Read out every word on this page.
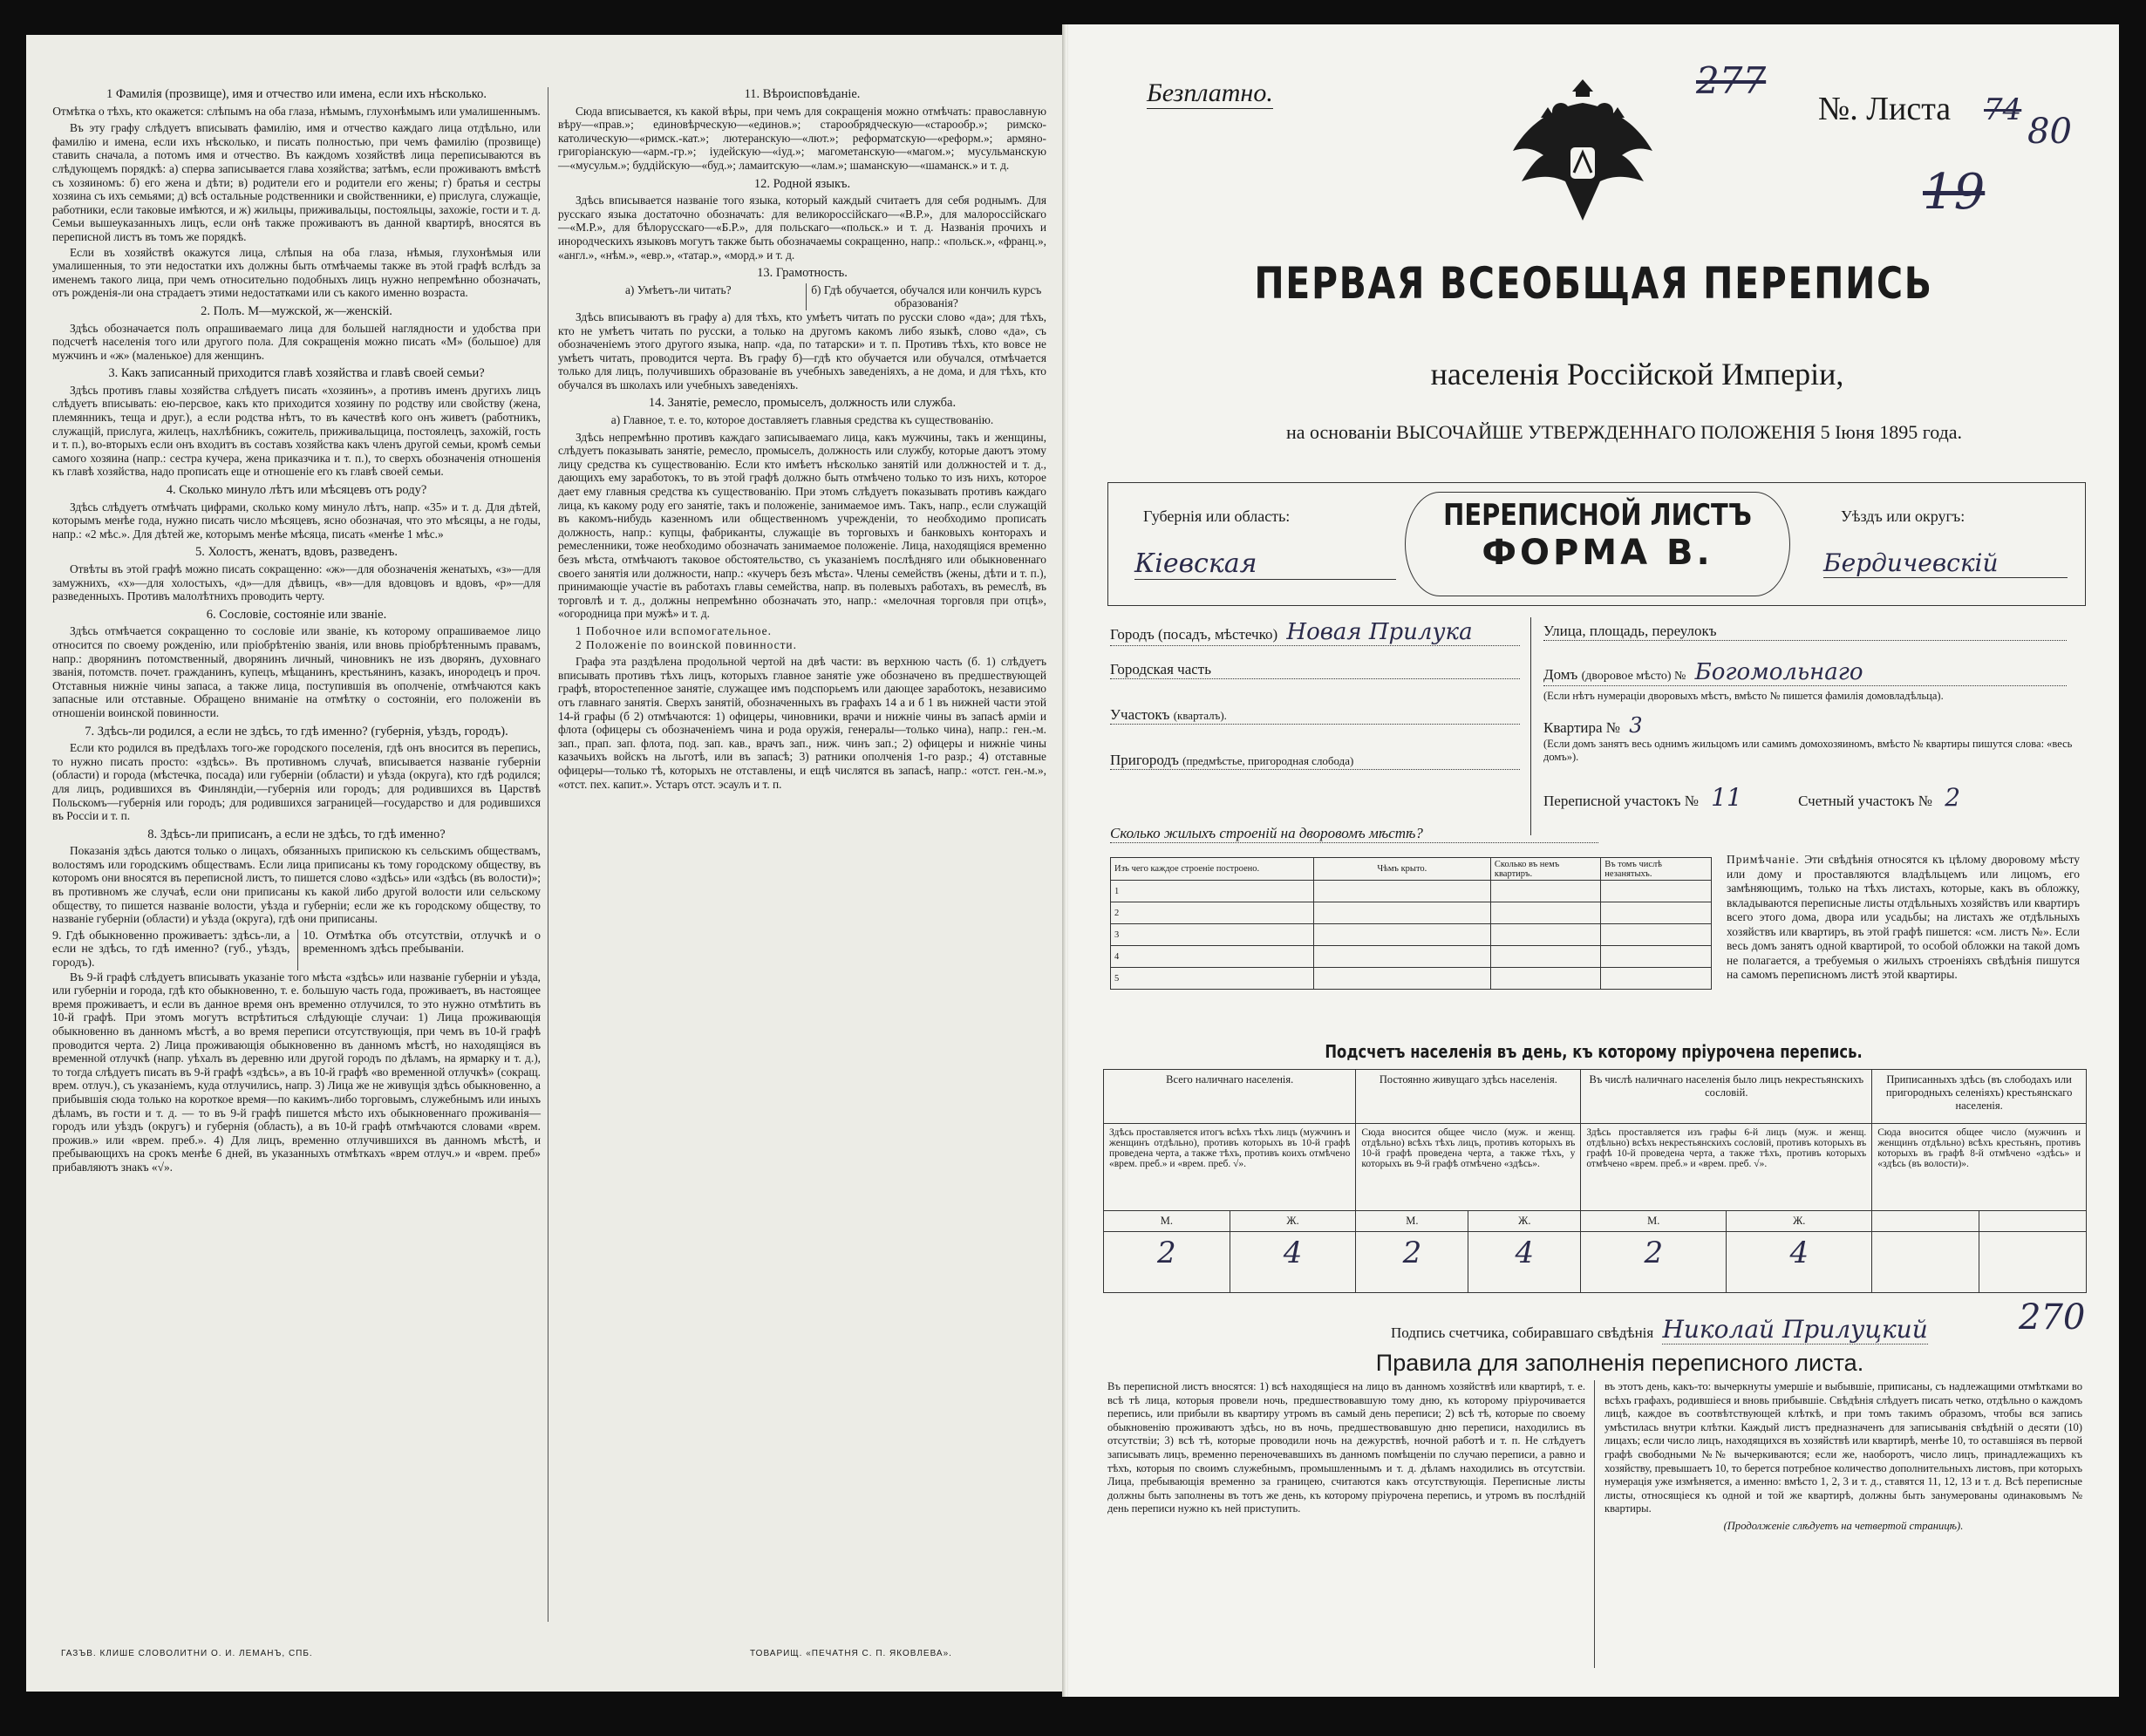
1 Фамилія (прозвище), имя и отчество или имена, если ихъ нѣсколько.
Отмѣтка о тѣхъ, кто окажется: слѣпымъ на оба глаза, нѣмымъ, глухонѣмымъ или умалишеннымъ.

Въ эту графу слѣдуетъ вписывать фамилію, имя и отчество каждаго лица отдѣльно, или фамилію и имена, если ихъ нѣсколько, и писать полностью, при чемъ фамилію (прозвище) ставить сначала, а потомъ имя и отчество. Въ каждомъ хозяйствѣ лица переписываются въ слѣдующемъ порядкѣ: а) сперва записывается глава хозяйства; затѣмъ, если проживаютъ вмѣстѣ съ хозяиномъ: б) его жена и дѣти; в) родители его и родители его жены; г) братья и сестры хозяина съ ихъ семьями; д) всѣ остальные родственники и свойственники, е) прислуга, служащіе, работники, если таковые имѣются, и ж) жильцы, приживальцы, постояльцы, захожіе, гости и т. д. Семьи вышеуказанныхъ лицъ, если онѣ также проживаютъ въ данной квартирѣ, вносятся въ переписной листъ въ томъ же порядкѣ.

Если въ хозяйствѣ окажутся лица, слѣпыя на оба глаза, нѣмыя, глухонѣмыя или умалишенныя, то эти недостатки ихъ должны быть отмѣчаемы также въ этой графѣ вслѣдъ за именемъ такого лица, при чемъ относительно подобныхъ лицъ нужно непремѣнно обозначать, отъ рожденія-ли она страдаетъ этими недостатками или съ какого именно возраста.

2. Полъ. М—мужской, ж—женскій.

Здѣсь обозначается полъ опрашиваемаго лица для большей наглядности и удобства при подсчетѣ населенія того или другого пола. Для сокращенія можно писать «М» (большое) для мужчинъ и «ж» (маленькое) для женщинъ.

3. Какъ записанный приходится главѣ хозяйства и главѣ своей семьи?

Здѣсь противъ главы хозяйства слѣдуетъ писать «хозяинъ», а противъ именъ другихъ лицъ слѣдуетъ вписывать: ею-персвое, какъ кто приходится хозяину по родству или свойству (жена, племянникъ, теща и друг.), а если родства нѣтъ, то въ качествѣ кого онъ живетъ (работникъ, служащій, прислуга, жилецъ, нахлѣбникъ, сожитель, приживальщица, постоялецъ, захожій, гость и т. п.), во-вторыхъ если онъ входитъ въ составъ хозяйства какъ членъ другой семьи, кромѣ семьи самого хозяина (напр.: сестра кучера, жена приказчика и т. п.), то сверхъ обозначенія отношенія къ главѣ хозяйства, надо прописать еще и отношеніе его къ главѣ своей семьи.

4. Сколько минуло лѣтъ или мѣсяцевъ отъ роду?

Здѣсь слѣдуетъ отмѣчать цифрами, сколько кому минуло лѣтъ, напр. «35» и т. д. Для дѣтей, которымъ менѣе года, нужно писать число мѣсяцевъ, ясно обозначая, что это мѣсяцы, а не годы, напр.: «2 мѣс.». Для дѣтей же, которымъ менѣе мѣсяца, писать «менѣе 1 мѣс.»

5. Холостъ, женатъ, вдовъ, разведенъ.

Отвѣты въ этой графѣ можно писать сокращенно: «ж»—для обозначенія женатыхъ, «з»—для замужнихъ, «х»—для холостыхъ, «д»—для дѣвицъ, «в»—для вдовцовъ и вдовъ, «р»—для разведенныхъ. Противъ малолѣтнихъ проводить черту.

6. Сословіе, состояніе или званіе.

Здѣсь отмѣчается сокращенно то сословіе или званіе, къ которому опрашиваемое лицо относится по своему рожденію, или пріобрѣтенію званія, или вновь пріобрѣтеннымъ правамъ, напр.: дворянинъ потомственный, дворянинъ личный, чиновникъ не изъ дворянъ, духовнаго званія, потомств. почет. гражданинъ, купецъ, мѣщанинъ, крестьянинъ, казакъ, инородецъ и проч. Отставныя нижніе чины запаса, а также лица, поступившія въ ополченіе, отмѣчаются какъ запасные или отставные. Обращено вниманіе на отмѣтку о состояніи, его положеніи въ отношеніи воинской повинности.

7. Здѣсь-ли родился, а если не здѣсь, то гдѣ именно? (губернія, уѣздъ, городъ).

Если кто родился въ предѣлахъ того-же городского поселенія, гдѣ онъ вносится въ перепись, то нужно писать просто: «здѣсь». Въ противномъ случаѣ, вписывается названіе губерніи (области) и города (мѣстечка, посада) или губерніи (области) и уѣзда (округа), кто гдѣ родился; для лицъ, родившихся въ Финляндіи,—губернія или городъ; для родившихся въ Царствѣ Польскомъ—губернія или городъ; для родившихся заграницей—государство и для родившихся въ Россіи и т. п.

8. Здѣсь-ли приписанъ, а если не здѣсь, то гдѣ именно?

Показанія здѣсь даются только о лицахъ, обязанныхъ припискою къ сельскимъ обществамъ, волостямъ или городскимъ обществамъ. Если лица приписаны къ тому городскому обществу, въ которомъ они вносятся въ переписной листъ, то пишется слово «здѣсь» или «здѣсь (въ волости)»; въ противномъ же случаѣ, если они приписаны къ какой либо другой волости или сельскому обществу, то пишется названіе волости, уѣзда и губерніи; если же къ городскому обществу, то названіе губерніи (области) и уѣзда (округа), гдѣ они приписаны.

9. Гдѣ обыкновенно проживаетъ: здѣсь-ли, а если не здѣсь, то гдѣ именно? (губ., уѣздъ, городъ).
10. Отмѣтка объ отсутствіи, отлучкѣ и о временномъ здѣсь пребываніи.

Въ 9-й графѣ слѣдуетъ вписывать указаніе того мѣста «здѣсь» или названіе губерніи и уѣзда, или губерніи и города, гдѣ кто обыкновенно, т. е. большую часть года, проживаетъ, въ настоящее время проживаетъ, и если въ данное время онъ временно отлучился, то это нужно отмѣтить въ 10-й графѣ. При этомъ могутъ встрѣтиться слѣдующіе случаи: 1) Лица проживающія обыкновенно въ данномъ мѣстѣ, а во время переписи отсутствующія, при чемъ въ 10-й графѣ проводится черта. 2) Лица проживающія обыкновенно въ данномъ мѣстѣ, но находящіяся въ временной отлучкѣ (напр. уѣхалъ въ деревню или другой городъ по дѣламъ, на ярмарку и т. д.), то тогда слѣдуетъ писать въ 9-й графѣ «здѣсь», а въ 10-й графѣ «во временной отлучкѣ» (сокращ. врем. отлуч.), съ указаніемъ, куда отлучились, напр. 3) Лица же не живущія здѣсь обыкновенно, а прибывшія сюда только на короткое время—по какимъ-либо торговымъ, служебнымъ или иныхъ дѣламъ, въ гости и т. д. — то въ 9-й графѣ пишется мѣсто ихъ обыкновеннаго проживанія—городъ или уѣздъ (округъ) и губернія (область), а въ 10-й графѣ отмѣчаются словами «врем. прожив.» или «врем. преб.». 4) Для лицъ, временно отлучившихся въ данномъ мѣстѣ, и пребывающихъ на срокъ менѣе 6 дней, въ указанныхъ отмѣткахъ «врем отлуч.» и «врем. преб» прибавляютъ знакъ «√».

11. Вѣроисповѣданіе.

Сюда вписывается, къ какой вѣры, при чемъ для сокращенія можно отмѣчать: православную вѣру—«прав.»; единовѣрческую—«единов.»; старообрядческую—«старообр.»; римско-католическую—«римск.-кат.»; лютеранскую—«лют.»; реформатскую—«реформ.»; армяно-григоріанскую—«арм.-гр.»; іудейскую—«іуд.»; магометанскую—«магом.»; мусульманскую—«мусульм.»; буддійскую—«буд.»; ламаитскую—«лам.»; шаманскую—«шаманск.» и т. д.

12. Родной языкъ.

Здѣсь вписывается названіе того языка, который каждый считаетъ для себя роднымъ. Для русскаго языка достаточно обозначать: для великороссійскаго—«В.Р.», для малороссійскаго—«М.Р.», для бѣлорусскаго—«Б.Р.», для польскаго—«польск.» и т. д. Названія прочихъ и инородческихъ языковъ могутъ также быть обозначаемы сокращенно, напр.: «польск.», «франц.», «англ.», «нѣм.», «евр.», «татар.», «морд.» и т. д.

13. Грамотность.
а) Умѣетъ-ли читать?	б) Гдѣ обучается, обучался или кончилъ курсъ образованія?

Здѣсь вписываютъ въ графу а) для тѣхъ, кто умѣетъ читать по русски слово «да»; для тѣхъ, кто не умѣетъ читать по русски, а только на другомъ какомъ либо языкѣ, слово «да», съ обозначеніемъ этого другого языка, напр. «да, по татарски» и т. п. Противъ тѣхъ, кто вовсе не умѣетъ читать, проводится черта. Въ графу б)—гдѣ кто обучается или обучался, отмѣчается только для лицъ, получившихъ образованіе въ учебныхъ заведеніяхъ, а не дома, и для тѣхъ, кто обучался въ школахъ или учебныхъ заведеніяхъ.

14. Занятіе, ремесло, промыселъ, должность или служба.
а) Главное, т. е. то, которое доставляетъ главныя средства къ существованію.

Здѣсь непремѣнно противъ каждаго записываемаго лица, какъ мужчины, такъ и женщины, слѣдуетъ показывать занятіе, ремесло, промыселъ, должность или службу, которые даютъ этому лицу средства къ существованію. Если кто имѣетъ нѣсколько занятій или должностей и т. д., дающихъ ему заработокъ, то въ этой графѣ должно быть отмѣчено только то изъ нихъ, которое дает ему главныя средства къ существованію. При этомъ слѣдуетъ показывать противъ каждаго лица, къ какому роду его занятіе, такъ и положеніе, занимаемое имъ. Такъ, напр., если служащій въ какомъ-нибудь казенномъ или общественномъ учрежденіи, то необходимо прописать должность, напр.: купцы, фабриканты, служащіе въ торговыхъ и банковыхъ конторахъ и ремесленники, тоже необходимо обозначать занимаемое положеніе. Лица, находящіяся временно безъ мѣста, отмѣчаютъ таковое обстоятельство, съ указаніемъ послѣдняго или обыкновеннаго своего занятія или должности, напр.: «кучеръ безъ мѣста». Члены семействъ (жены, дѣти и т. п.), принимающіе участіе въ работахъ главы семейства, напр. въ полевыхъ работахъ, въ ремеслѣ, въ торговлѣ и т. д., должны непремѣнно обозначать это, напр.: «мелочная торговля при отцѣ», «огородница при мужѣ» и т. д.

1 Побочное или вспомогательное.
2 Положеніе по воинской повинности.

Графа эта раздѣлена продольной чертой на двѣ части: въ верхнюю часть (б. 1) слѣдуетъ вписывать противъ тѣхъ лицъ, которыхъ главное занятіе уже обозначено въ предшествующей графѣ, второстепенное занятіе, служащее имъ подспорьемъ или дающее заработокъ, независимо отъ главнаго занятія. Сверхъ занятій, обозначенныхъ въ графахъ 14 а и б 1 въ нижней части этой 14-й графы (б 2) отмѣчаются: 1) офицеры, чиновники, врачи и нижніе чины въ запасѣ арміи и флота (офицеры съ обозначеніемъ чина и рода оружія, генералы—только чина), напр.: ген.-м. зап., прап. зап. флота, под. зап. кав., врачъ зап., ниж. чинъ зап.; 2) офицеры и нижніе чины казачьихъ войскъ на льготѣ, или въ запасѣ; 3) ратники ополченія 1-го разр.; 4) отставные офицеры—только тѣ, которыхъ не отставлены, и ещѣ числятся въ запасѣ, напр.: «отст. ген.-м.», «отст. пех. капит.». Устаръ отст. эсаулъ и т. п.

ГАЗЪВ. КЛИШЕ СЛОВОЛИТНИ О. И. ЛЕМАНЪ, СПБ.	ТОВАРИЩ. «ПЕЧАТНЯ С. П. ЯКОВЛЕВА».
Безплатно.	277
№. Листа 74
80
19
ПЕРВАЯ ВСЕОБЩАЯ ПЕРЕПИСЬ
населенія Россійской Имперіи,
на основаніи ВЫСОЧАЙШЕ УТВЕРЖДЕННАГО ПОЛОЖЕНІЯ 5 Іюня 1895 года.
Губернія или область:
Кіевская
ПЕРЕПИСНОЙ ЛИСТЪ
ФОРМА В.
Уѣздъ или округъ:
Бердичевскій
Городъ (посадъ, мѣстечко) Новая Прилука
Городская часть
Участокъ (кварталъ).
Пригородъ (предмѣстье, пригородная слобода)
Улица, площадь, переулокъ
Домъ (дворовое мѣсто) № Богомольнаго
(Если нѣтъ нумераціи дворовыхъ мѣстъ, вмѣсто № пишется фамилія домовладѣльца).
Квартира № 3
(Если домъ занятъ весь однимъ жильцомъ или самимъ домохозяиномъ, вмѣсто № квартиры пишутся слова: «весь домъ»).
Переписной участокъ № 11	Счетный участокъ № 2
Сколько жилыхъ строеній на дворовомъ мѣстѣ?
Изъ чего каждое строеніе построено.	Чѣмъ крыто.	Сколько въ немъ квартиръ.	Въ томъ числѣ незанятыхъ.
1			
2			
3			
4			
5			
Примѣчаніе. Эти свѣдѣнія относятся къ цѣлому дворовому мѣсту или дому и проставляются владѣльцемъ или лицомъ, его замѣняющимъ, только на тѣхъ листахъ, которые, какъ въ обложку, вкладываются переписные листы отдѣльныхъ хозяйствъ или квартиръ всего этого дома, двора или усадьбы; на листахъ же отдѣльныхъ хозяйствъ или квартиръ, въ этой графѣ пишется: «см. листъ №». Если весь домъ занятъ одной квартирой, то особой обложки на такой домъ не полагается, а требуемыя о жилыхъ строеніяхъ свѣдѣнія пишутся на самомъ переписномъ листѣ этой квартиры.
Подсчетъ населенія въ день, къ которому пріурочена перепись.
Всего наличнаго населенія.		Постоянно живущаго здѣсь населенія.		Въ числѣ наличнаго населенія было лицъ некрестьянскихъ сословій.		Приписанныхъ здѣсь (въ слободахъ или пригородныхъ селеніяхъ) крестьянскаго населенія.	
Здѣсь проставляется итогъ всѣхъ тѣхъ лицъ (мужчинъ и женщинъ отдѣльно), противъ которыхъ въ 10-й графѣ проведена черта, а также тѣхъ, противъ коихъ отмѣчено «врем. преб.» и «врем. преб. √».		Сюда вносится общее число (муж. и женщ. отдѣльно) всѣхъ тѣхъ лицъ, противъ которыхъ въ 10-й графѣ проведена черта, а также тѣхъ, у которыхъ въ 9-й графѣ отмѣчено «здѣсь».		Здѣсь проставляется изъ графы 6-й лицъ (муж. и женщ. отдѣльно) всѣхъ некрестьянскихъ сословій, противъ которыхъ въ графѣ 10-й проведена черта, а также тѣхъ, противъ которыхъ отмѣчено «врем. преб.» и «врем. преб. √».		Сюда вносится общее число (мужчинъ и женщинъ отдѣльно) всѣхъ крестьянъ, противъ которыхъ въ графѣ 8-й отмѣчено «здѣсь» и «здѣсь (въ волости)».	
М.	Ж.	М.	Ж.	М.	Ж.		
2	4	2	4	2	4		
Подпись счетчика, собиравшаго свѣдѣнія Николай Прилуцкий	270
Правила для заполненія переписного листа.
Въ переписной листъ вносятся: 1) всѣ находящіеся на лицо въ данномъ хозяйствѣ или квартирѣ, т. е. всѣ тѣ лица, которыя провели ночь, предшествовавшую тому дню, къ которому пріурочивается перепись, или прибыли въ квартиру утромъ въ самый день переписи; 2) всѣ тѣ, которые по своему обыкновенію проживаютъ здѣсь, но въ ночь, предшествовавшую дню переписи, находились въ отсутствіи; 3) всѣ тѣ, которые проводили ночь на дежурствѣ, ночной работѣ и т. п. Не слѣдуетъ записывать лицъ, временно переночевавшихъ въ данномъ помѣщеніи по случаю переписи, а равно и тѣхъ, которыя по своимъ служебнымъ, промышленнымъ и т. д. дѣламъ находились въ отсутствіи. Лица, пребывающія временно за границею, считаются какъ отсутствующія. Переписные листы должны быть заполнены въ тотъ же день, къ которому пріурочена перепись, и утромъ въ послѣдній день переписи нужно къ ней приступить.
въ этотъ день, какъ-то: вычеркнуты умершіе и выбывшіе, приписаны, съ надлежащими отмѣтками во всѣхъ графахъ, родившіеся и вновь прибывшіе. Свѣдѣнія слѣдуетъ писать четко, отдѣльно о каждомъ лицѣ, каждое въ соотвѣтствующей клѣткѣ, и при томъ такимъ образомъ, чтобы вся запись умѣстилась внутри клѣтки. Каждый листъ предназначенъ для записыванія свѣдѣній о десяти (10) лицахъ; если число лицъ, находящихся въ хозяйствѣ или квартирѣ, менѣе 10, то оставшіяся въ первой графѣ свободными №№ вычеркиваются; если же, наоборотъ, число лицъ, принадлежащихъ къ хозяйству, превышаетъ 10, то берется потребное количество дополнительныхъ листовъ, при которыхъ нумерація уже измѣняется, а именно: вмѣсто 1, 2, 3 и т. д., ставятся 11, 12, 13 и т. д. Всѣ переписные листы, относящіеся къ одной и той же квартирѣ, должны быть занумерованы одинаковымъ № квартиры.
(Продолженіе слѣдуетъ на четвертой страницѣ).
